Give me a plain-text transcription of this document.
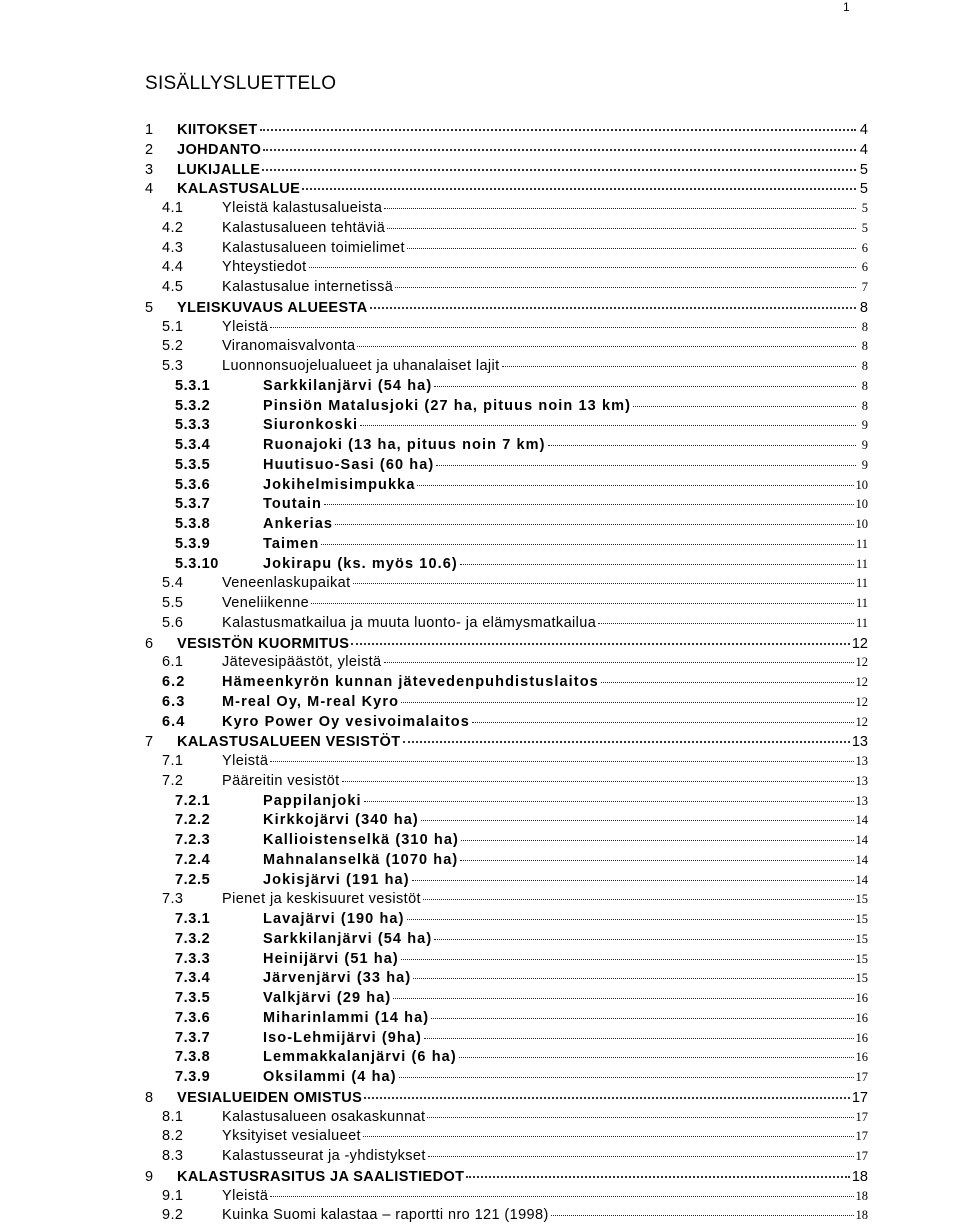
1
SISÄLLYSLUETTELO
1	KIITOKSET	4
2	JOHDANTO	4
3	LUKIJALLE	5
4	KALASTUSALUE	5
4.1	Yleistä kalastusalueista	5
4.2	Kalastusalueen tehtäviä	5
4.3	Kalastusalueen toimielimet	6
4.4	Yhteystiedot	6
4.5	Kalastusalue internetissä	7
5	YLEISKUVAUS ALUEESTA	8
5.1	Yleistä	8
5.2	Viranomaisvalvonta	8
5.3	Luonnonsuojelualueet ja uhanalaiset lajit	8
5.3.1	Sarkkilanjärvi (54 ha)	8
5.3.2	Pinsiön Matalusjoki (27 ha, pituus noin 13 km)	8
5.3.3	Siuronkoski	9
5.3.4	Ruonajoki (13 ha, pituus noin 7 km)	9
5.3.5	Huutisuo-Sasi (60 ha)	9
5.3.6	Jokihelmisimpukka	10
5.3.7	Toutain	10
5.3.8	Ankerias	10
5.3.9	Taimen	11
5.3.10	Jokirapu (ks. myös 10.6)	11
5.4	Veneenlaskupaikat	11
5.5	Veneliikenne	11
5.6	Kalastusmatkailua ja muuta luonto- ja elämysmatkailua	11
6	VESISTÖN KUORMITUS	12
6.1	Jätevesipäästöt, yleistä	12
6.2	Hämeenkyrön kunnan jätevedenpuhdistuslaitos	12
6.3	M-real Oy, M-real Kyro	12
6.4	Kyro Power Oy vesivoimalaitos	12
7	KALASTUSALUEEN VESISTÖT	13
7.1	Yleistä	13
7.2	Pääreitin vesistöt	13
7.2.1	Pappilanjoki	13
7.2.2	Kirkkojärvi (340 ha)	14
7.2.3	Kallioistenselkä (310 ha)	14
7.2.4	Mahnalanselkä (1070 ha)	14
7.2.5	Jokisjärvi (191 ha)	14
7.3	Pienet ja keskisuuret vesistöt	15
7.3.1	Lavajärvi (190 ha)	15
7.3.2	Sarkkilanjärvi (54 ha)	15
7.3.3	Heinijärvi (51 ha)	15
7.3.4	Järvenjärvi (33 ha)	15
7.3.5	Valkjärvi (29 ha)	16
7.3.6	Miharinlammi (14 ha)	16
7.3.7	Iso-Lehmijärvi (9ha)	16
7.3.8	Lemmakkalanjärvi (6 ha)	16
7.3.9	Oksilammi (4 ha)	17
8	VESIALUEIDEN OMISTUS	17
8.1	Kalastusalueen osakaskunnat	17
8.2	Yksityiset vesialueet	17
8.3	Kalastusseurat ja -yhdistykset	17
9	KALASTUSRASITUS JA SAALISTIEDOT	18
9.1	Yleistä	18
9.2	Kuinka Suomi kalastaa – raportti nro 121 (1998)	18
